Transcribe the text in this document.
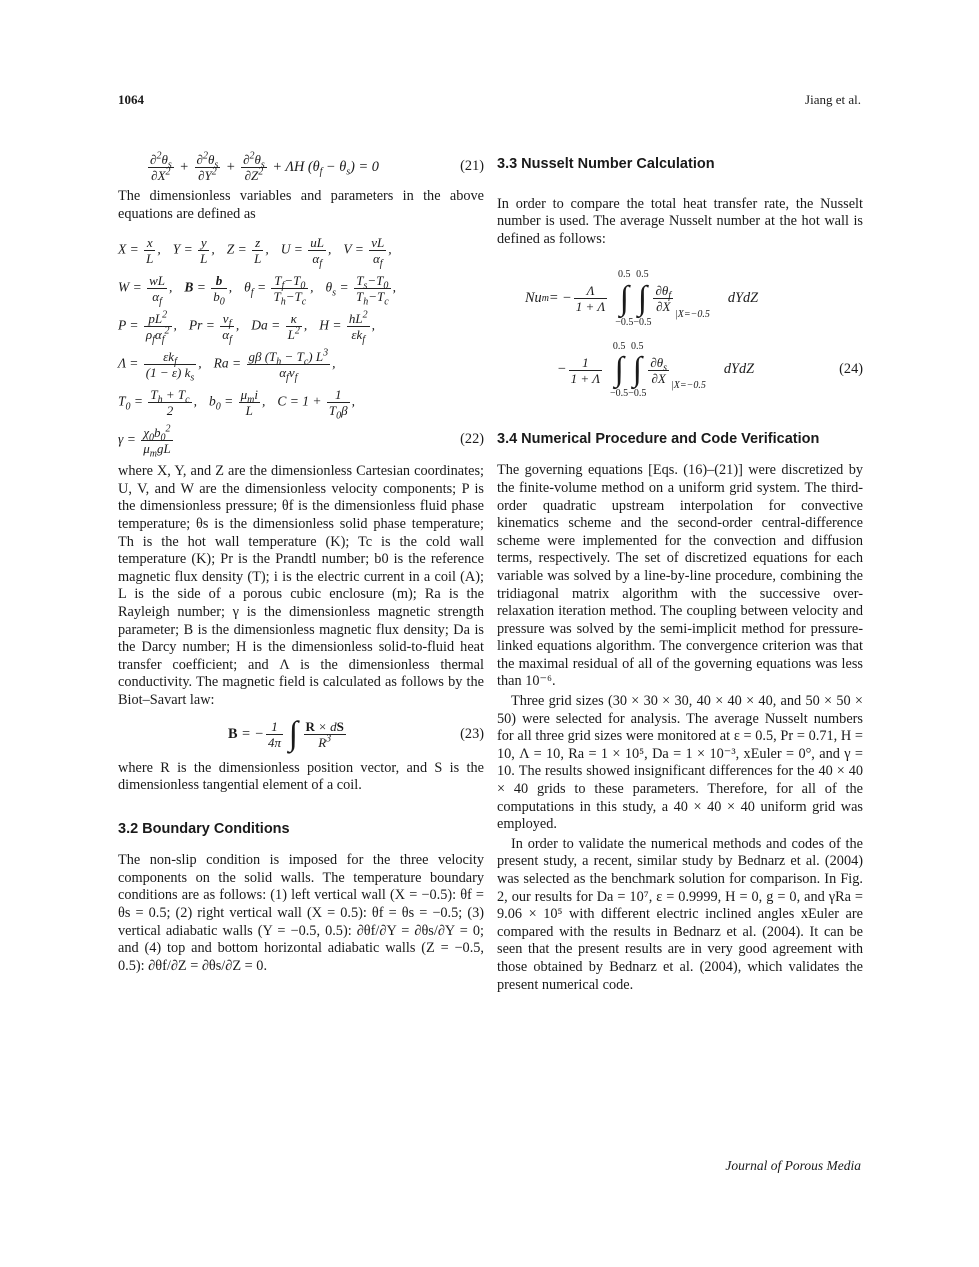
1064	Jiang et al.
$\frac{\partial^2\theta_s}{\partial X^2} + \frac{\partial^2\theta_s}{\partial Y^2} + \frac{\partial^2\theta_s}{\partial Z^2} + \Lambda H$ $(\theta_f - \theta_s) = 0$	(21)

The dimensionless variables and parameters in the above equations are defined as

$X = \frac{x}{L}$ , $Y = \frac{y}{L}$ , $Z = \frac{z}{L}$ , $U = \frac{uL}{\alpha_f}$ , $V = \frac{vL}{\alpha_f}$ ,
$W = \frac{wL}{\alpha_f}$ , $B = \frac{b}{b_0}$ , $\theta_f = \frac{T_f-T_0}{T_h-T_c}$ , $\theta_s = \frac{T_s-T_0}{T_h-T_c}$ ,
$P = \frac{pL^2}{\rho_f\alpha_f^2}$ , $Pr = \frac{\nu_f}{\alpha_f}$ , $Da = \frac{\kappa}{L^2}$ , $H = \frac{hL^2}{\varepsilon k_f}$ ,
$\Lambda = \frac{\varepsilon k_f}{(1 - \varepsilon) k_s}$ , $Ra = \frac{g\beta (T_h - T_c) L^3}{\alpha_f\nu_f}$ ,
$T_0 = \frac{T_h + T_c}{2}$ , $b_0 = \frac{\mu_mi}{L}$ , $C = 1 + \frac{1}{T_0\beta}$ ,
$\gamma = \frac{\chi_0b_0^2}{\mu_mgL}$	(22)

where X, Y, and Z are the dimensionless Cartesian coordinates; U, V, and W are the dimensionless velocity components; P is the dimensionless pressure; θf is the dimensionless fluid phase temperature; θs is the dimensionless solid phase temperature; Th is the hot wall temperature (K); Tc is the cold wall temperature (K); Pr is the Prandtl number; b0 is the reference magnetic flux density (T); i is the electric current in a coil (A); L is the side of a porous cubic enclosure (m); Ra is the Rayleigh number; γ is the dimensionless magnetic strength parameter; B is the dimensionless magnetic flux density; Da is the Darcy number; H is the dimensionless solid-to-fluid heat transfer coefficient; and Λ is the dimensionless thermal conductivity. The magnetic field is calculated as follows by the Biot–Savart law:

B = − $\frac{1}{4\pi}$ ∫ $\frac{R \times dS}{R^3}$	(23)

where R is the dimensionless position vector, and S is the dimensionless tangential element of a coil.

3.2 Boundary Conditions

The non-slip condition is imposed for the three velocity components on the solid walls. The temperature boundary conditions are as follows: (1) left vertical wall (X = −0.5): θf = θs = 0.5; (2) right vertical wall (X = 0.5): θf = θs = −0.5; (3) vertical adiabatic walls (Y = −0.5, 0.5): ∂θf/∂Y = ∂θs/∂Y = 0; and (4) top and bottom horizontal adiabatic walls (Z = −0.5, 0.5): ∂θf/∂Z = ∂θs/∂Z = 0.

3.3 Nusselt Number Calculation

In order to compare the total heat transfer rate, the Nusselt number is used. The average Nusselt number at the hot wall is defined as follows:

Nu m = − $\frac{\Lambda}{1 + \Lambda}$
0.5
∫
−0.5
0.5
∫
−0.5
$\frac{\partial\theta_f}{\partial X} |X=-0.5$
dYdZ
− $\frac{1}{1 + \Lambda}$
0.5
∫
−0.5
0.5
∫
−0.5
$\frac{\partial\theta_s}{\partial X} |X=-0.5$
dYdZ	(24)
3.4 Numerical Procedure and Code Verification

The governing equations [Eqs. (16)–(21)] were discretized by the finite-volume method on a uniform grid system. The third-order quadratic upstream interpolation for convective kinematics scheme and the second-order central-difference scheme were implemented for the convection and diffusion terms, respectively. The set of discretized equations for each variable was solved by a line-by-line procedure, combining the tridiagonal matrix algorithm with the successive over-relaxation iteration method. The coupling between velocity and pressure was solved by the semi-implicit method for pressure-linked equations algorithm. The convergence criterion was that the maximal residual of all of the governing equations was less than 10⁻⁶.

Three grid sizes (30 × 30 × 30, 40 × 40 × 40, and 50 × 50 × 50) were selected for analysis. The average Nusselt numbers for all three grid sizes were monitored at ε = 0.5, Pr = 0.71, H = 10, Λ = 10, Ra = 1 × 10⁵, Da = 1 × 10⁻³, xEuler = 0°, and γ = 10. The results showed insignificant differences for the 40 × 40 × 40 grids to these parameters. Therefore, for all of the computations in this study, a 40 × 40 × 40 uniform grid was employed.

In order to validate the numerical methods and codes of the present study, a recent, similar study by Bednarz et al. (2004) was selected as the benchmark solution for comparison. In Fig. 2, our results for Da = 10⁷, ε = 0.9999, H = 0, g = 0, and γRa = 9.06 × 10⁵ with different electric inclined angles xEuler are compared with the results in Bednarz et al. (2004). It can be seen that the present results are in very good agreement with those obtained by Bednarz et al. (2004), which validates the present numerical code.

Journal of Porous Media
